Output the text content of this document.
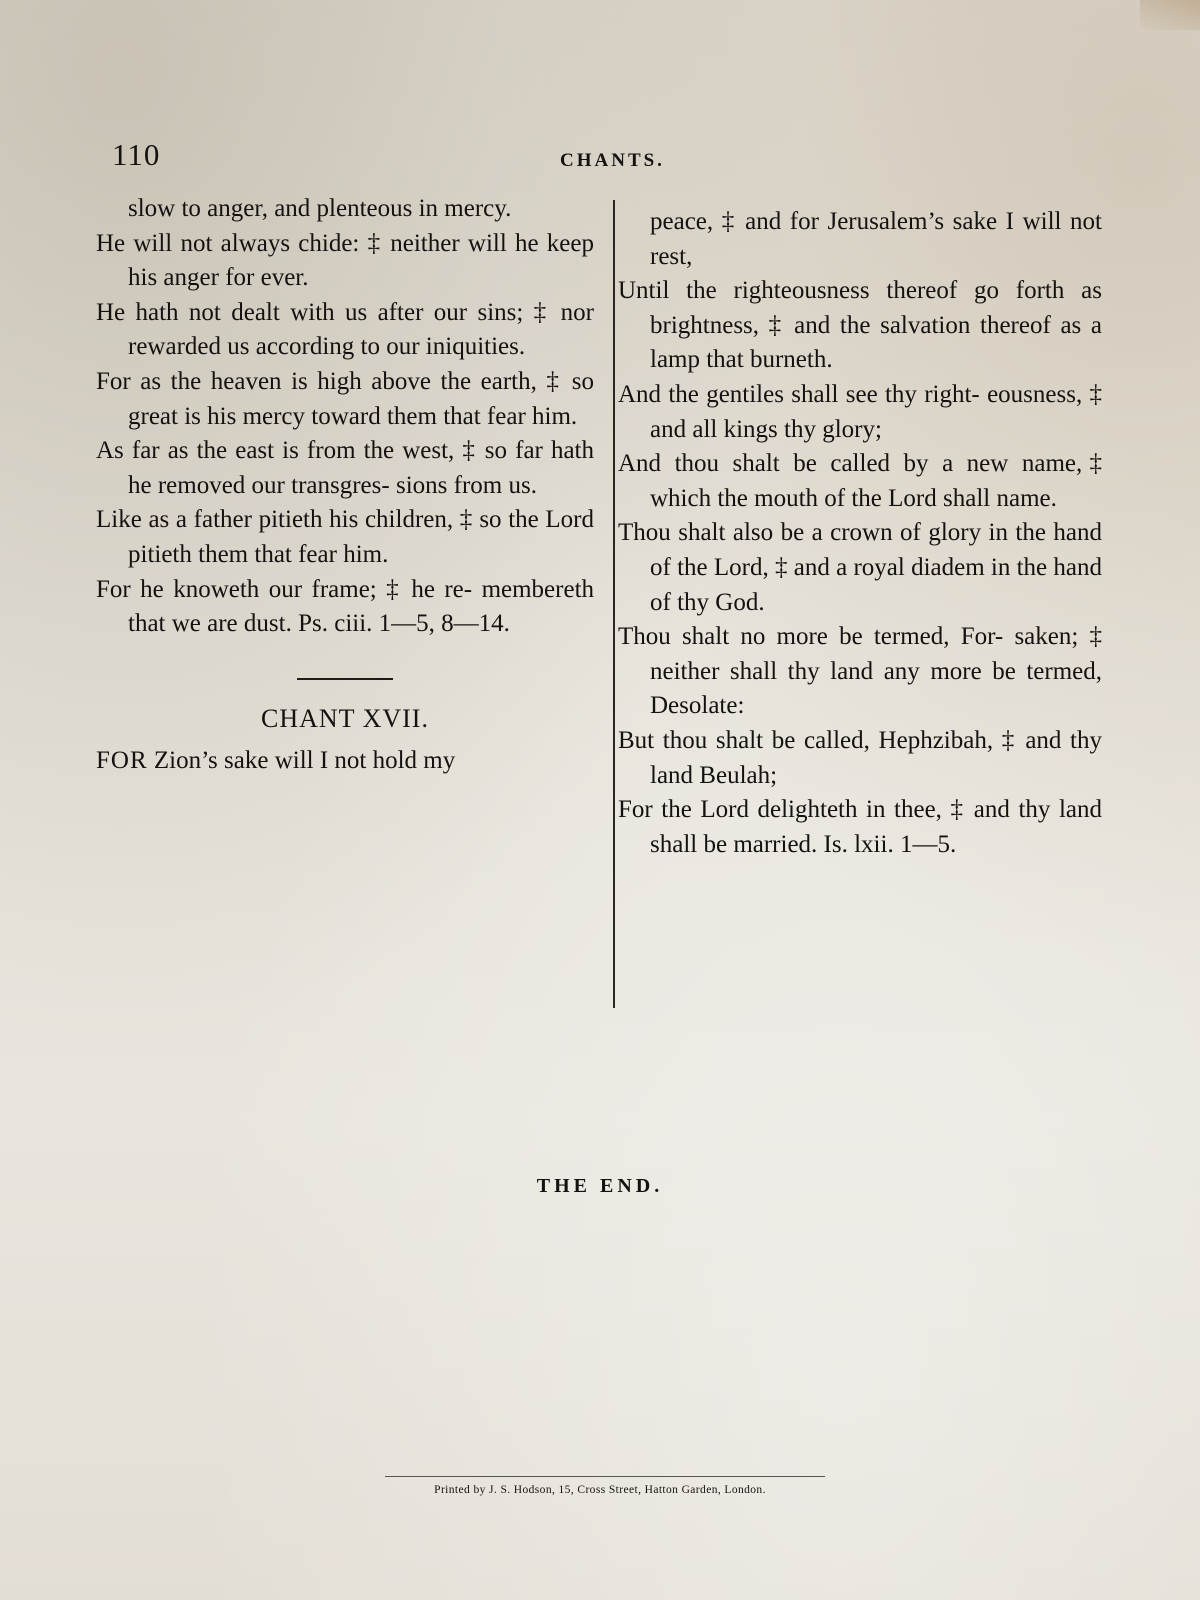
110	CHANTS.

slow to anger, and plenteous in mercy.

He will not always chide: ‡ neither will he keep his anger for ever.

He hath not dealt with us after our sins; ‡ nor rewarded us according to our iniquities.

For as the heaven is high above the earth, ‡ so great is his mercy toward them that fear him.

As far as the east is from the west, ‡ so far hath he removed our transgres- sions from us.

Like as a father pitieth his children, ‡ so the Lord pitieth them that fear him.

For he knoweth our frame; ‡ he re- membereth that we are dust. Ps. ciii. 1—5, 8—14.

CHANT XVII.

FOR Zion’s sake will I not hold my

peace, ‡ and for Jerusalem’s sake I will not rest,

Until the righteousness thereof go forth as brightness, ‡ and the salvation thereof as a lamp that burneth.

And the gentiles shall see thy right- eousness, ‡ and all kings thy glory;

And thou shalt be called by a new name,‡ which the mouth of the Lord shall name.

Thou shalt also be a crown of glory in the hand of the Lord, ‡ and a royal diadem in the hand of thy God.

Thou shalt no more be termed, For- saken; ‡ neither shall thy land any more be termed, Desolate:

But thou shalt be called, Hephzibah, ‡ and thy land Beulah;

For the Lord delighteth in thee, ‡ and thy land shall be married. Is. lxii. 1—5.

THE END.
Printed by J. S. Hodson, 15, Cross Street, Hatton Garden, London.
